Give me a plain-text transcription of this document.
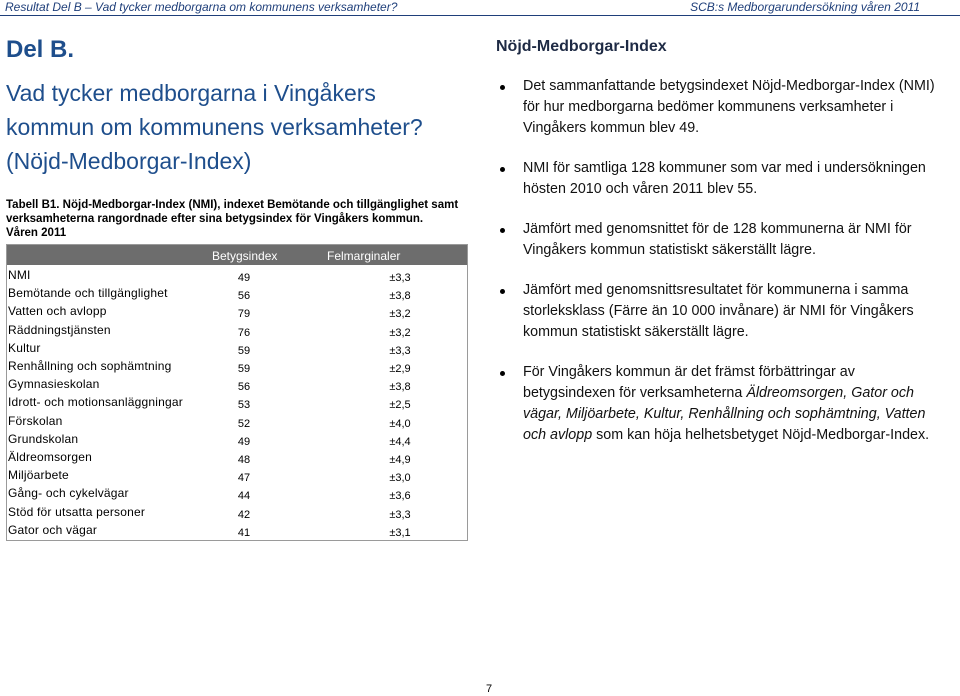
Resultat Del B – Vad tycker medborgarna om kommunens verksamheter?	SCB:s Medborgarundersökning våren 2011
Del B.
Vad tycker medborgarna i Vingåkers
kommun om kommunens verksamheter?
(Nöjd-Medborgar-Index)
Tabell B1. Nöjd-Medborgar-Index (NMI), indexet Bemötande och tillgänglighet samt
verksamheterna rangordnade efter sina betygsindex för Vingåkers kommun.
Våren 2011
Betygsindex	Felmarginaler
NMI	49	±3,3
Bemötande och tillgänglighet	56	±3,8
Vatten och avlopp	79	±3,2
Räddningstjänsten	76	±3,2
Kultur	59	±3,3
Renhållning och sophämtning	59	±2,9
Gymnasieskolan	56	±3,8
Idrott- och motionsanläggningar	53	±2,5
Förskolan	52	±4,0
Grundskolan	49	±4,4
Äldreomsorgen	48	±4,9
Miljöarbete	47	±3,0
Gång- och cykelvägar	44	±3,6
Stöd för utsatta personer	42	±3,3
Gator och vägar	41	±3,1
Nöjd-Medborgar-Index
Det sammanfattande betygsindexet Nöjd-Medborgar-Index (NMI) för hur medborgarna bedömer kommunens verksamheter i Vingåkers kommun blev 49.
NMI för samtliga 128 kommuner som var med i undersökningen hösten 2010 och våren 2011 blev 55.
Jämfört med genomsnittet för de 128 kommunerna är NMI för Vingåkers kommun statistiskt säkerställt lägre.
Jämfört med genomsnittsresultatet för kommunerna i samma storleksklass (Färre än 10 000 invånare) är NMI för Vingåkers kommun statistiskt säkerställt lägre.
För Vingåkers kommun är det främst förbättringar av betygsindexen för verksamheterna Äldreomsorgen, Gator och vägar, Miljöarbete, Kultur, Renhållning och sophämtning, Vatten och avlopp som kan höja helhetsbetyget Nöjd-Medborgar-Index.
7
